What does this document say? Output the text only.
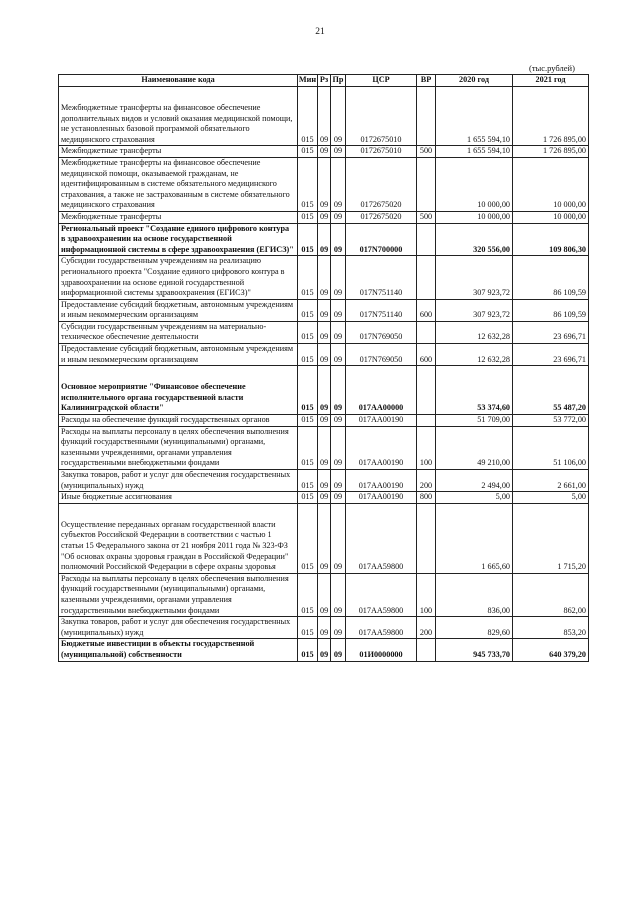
21
(тыс.рублей)
Наименование кода	Мин	Рз	Пр	ЦСР	ВР	2020 год	2021 год
Межбюджетные трансферты на финансовое обеспечение дополнительных видов и условий оказания медицинской помощи, не установленных базовой программой обязательного медицинского страхования	015	09	09	0172675010		1 655 594,10	1 726 895,00
Межбюджетные трансферты	015	09	09	0172675010	500	1 655 594,10	1 726 895,00
Межбюджетные трансферты на финансовое обеспечение медицинской помощи, оказываемой гражданам, не идентифицированным в системе обязательного медицинского страхования, а также не застрахованным в системе обязательного медицинского страхования	015	09	09	0172675020		10 000,00	10 000,00
Межбюджетные трансферты	015	09	09	0172675020	500	10 000,00	10 000,00
Региональный проект "Создание единого цифрового контура в здравоохранении на основе государственной информационной системы в сфере здравоохранения (ЕГИСЗ)"	015	09	09	017N700000		320 556,00	109 806,30
Субсидии государственным учреждениям на реализацию регионального проекта "Создание единого цифрового контура в здравоохранении на основе единой государственной информационной системы здравоохранения (ЕГИСЗ)"	015	09	09	017N751140		307 923,72	86 109,59
Предоставление субсидий бюджетным, автономным учреждениям и иным некоммерческим организациям	015	09	09	017N751140	600	307 923,72	86 109,59
Субсидии государственным учреждениям на материально-техническое обеспечение деятельности	015	09	09	017N769050		12 632,28	23 696,71
Предоставление субсидий бюджетным, автономным учреждениям и иным некоммерческим организациям	015	09	09	017N769050	600	12 632,28	23 696,71
Основное мероприятие "Финансовое обеспечение исполнительного органа государственной власти Калининградской области"	015	09	09	017АА00000		53 374,60	55 487,20
Расходы на обеспечение функций государственных органов	015	09	09	017АА00190		51 709,00	53 772,00
Расходы на выплаты персоналу в целях обеспечения выполнения функций государственными (муниципальными) органами, казенными учреждениями, органами управления государственными внебюджетными фондами	015	09	09	017АА00190	100	49 210,00	51 106,00
Закупка товаров, работ и услуг для обеспечения государственных (муниципальных) нужд	015	09	09	017АА00190	200	2 494,00	2 661,00
Иные бюджетные ассигнования	015	09	09	017АА00190	800	5,00	5,00
Осуществление переданных органам государственной власти субъектов Российской Федерации в соответствии с частью 1 статьи 15 Федерального закона от 21 ноября 2011 года № 323-ФЗ "Об основах охраны здоровья граждан в Российской Федерации" полномочий Российской Федерации в сфере охраны здоровья	015	09	09	017АА59800		1 665,60	1 715,20
Расходы на выплаты персоналу в целях обеспечения выполнения функций государственными (муниципальными) органами, казенными учреждениями, органами управления государственными внебюджетными фондами	015	09	09	017АА59800	100	836,00	862,00
Закупка товаров, работ и услуг для обеспечения государственных (муниципальных) нужд	015	09	09	017АА59800	200	829,60	853,20
Бюджетные инвестиции в объекты государственной (муниципальной) собственности	015	09	09	01И0000000		945 733,70	640 379,20
